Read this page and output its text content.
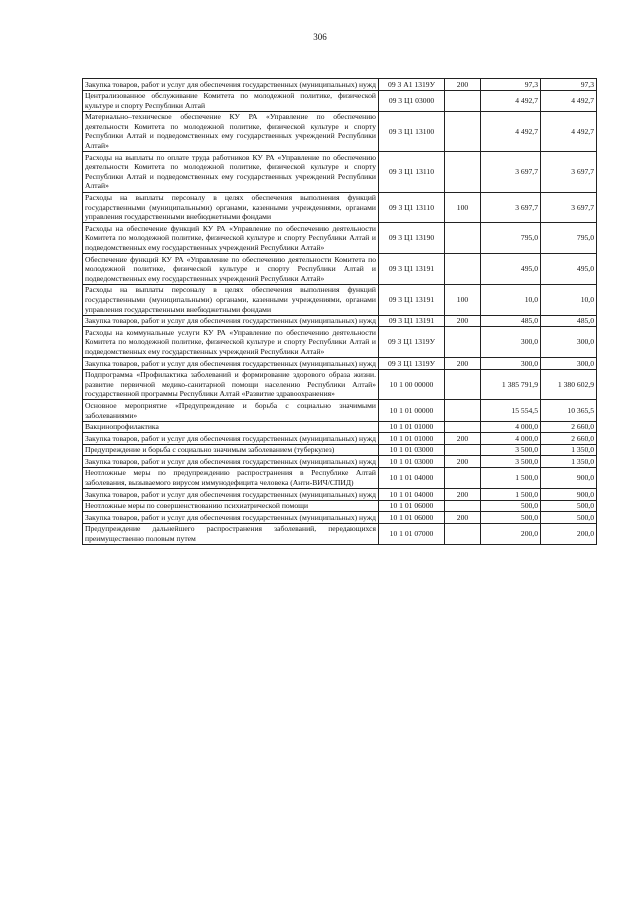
306
Закупка товаров, работ и услуг для обеспечения государственных (муниципальных) нужд	09 3 А1 1319У	200	97,3	97,3
Централизованное обслуживание Комитета по молодежной политике, физической культуре и спорту Республики Алтай	09 3 Ц1 03000		4 492,7	4 492,7
Материально–техническое обеспечение КУ РА «Управление по обеспечению деятельности Комитета по молодежной политике, физической культуре и спорту Республики Алтай и подведомственных ему государственных учреждений Республики Алтай»	09 3 Ц1 13100		4 492,7	4 492,7
Расходы на выплаты по оплате труда работников КУ РА «Управление по обеспечению деятельности Комитета по молодежной политике, физической культуре и спорту Республики Алтай и подведомственных ему государственных учреждений Республики Алтай»	09 3 Ц1 13110		3 697,7	3 697,7
Расходы на выплаты персоналу в целях обеспечения выполнения функций государственными (муниципальными) органами, казенными учреждениями, органами управления государственными внебюджетными фондами	09 3 Ц1 13110	100	3 697,7	3 697,7
Расходы на обеспечение функций КУ РА «Управление по обеспечению деятельности Комитета по молодежной политике, физической культуре и спорту Республики Алтай и подведомственных ему государственных учреждений Республики Алтай»	09 3 Ц1 13190		795,0	795,0
Обеспечение функций КУ РА «Управление по обеспечению деятельности Комитета по молодежной политике, физической культуре и спорту Республики Алтай и подведомственных ему государственных учреждений Республики Алтай»	09 3 Ц1 13191		495,0	495,0
Расходы на выплаты персоналу в целях обеспечения выполнения функций государственными (муниципальными) органами, казенными учреждениями, органами управления государственными внебюджетными фондами	09 3 Ц1 13191	100	10,0	10,0
Закупка товаров, работ и услуг для обеспечения государственных (муниципальных) нужд	09 3 Ц1 13191	200	485,0	485,0
Расходы на коммунальные услуги КУ РА «Управление по обеспечению деятельности Комитета по молодежной политике, физической культуре и спорту Республики Алтай и подведомственных ему государственных учреждений Республики Алтай»	09 3 Ц1 1319У		300,0	300,0
Закупка товаров, работ и услуг для обеспечения государственных (муниципальных) нужд	09 3 Ц1 1319У	200	300,0	300,0
Подпрограмма «Профилактика заболеваний и формирование здорового образа жизни. развитие первичной медико-санитарной помощи населению Республики Алтай» государственной программы Республики Алтай «Развитие здравоохранения»	10 1 00 00000		1 385 791,9	1 380 602,9
Основное мероприятие «Предупреждение и борьба с социально значимыми заболеваниями»	10 1 01 00000		15 554,5	10 365,5
Вакцинопрофилактика	10 1 01 01000		4 000,0	2 660,0
Закупка товаров, работ и услуг для обеспечения государственных (муниципальных) нужд	10 1 01 01000	200	4 000,0	2 660,0
Предупреждение и борьба с социально значимым заболеванием (туберкулез)	10 1 01 03000		3 500,0	1 350,0
Закупка товаров, работ и услуг для обеспечения государственных (муниципальных) нужд	10 1 01 03000	200	3 500,0	1 350,0
Неотложные меры по предупреждению распространения в Республике Алтай заболевания, вызываемого вирусом иммунодефицита человека (Анти-ВИЧ/СПИД)	10 1 01 04000		1 500,0	900,0
Закупка товаров, работ и услуг для обеспечения государственных (муниципальных) нужд	10 1 01 04000	200	1 500,0	900,0
Неотложные меры по совершенствованию психиатрической помощи	10 1 01 06000		500,0	500,0
Закупка товаров, работ и услуг для обеспечения государственных (муниципальных) нужд	10 1 01 06000	200	500,0	500,0
Предупреждение дальнейшего распространения заболеваний, передающихся преимущественно половым путем	10 1 01 07000		200,0	200,0
